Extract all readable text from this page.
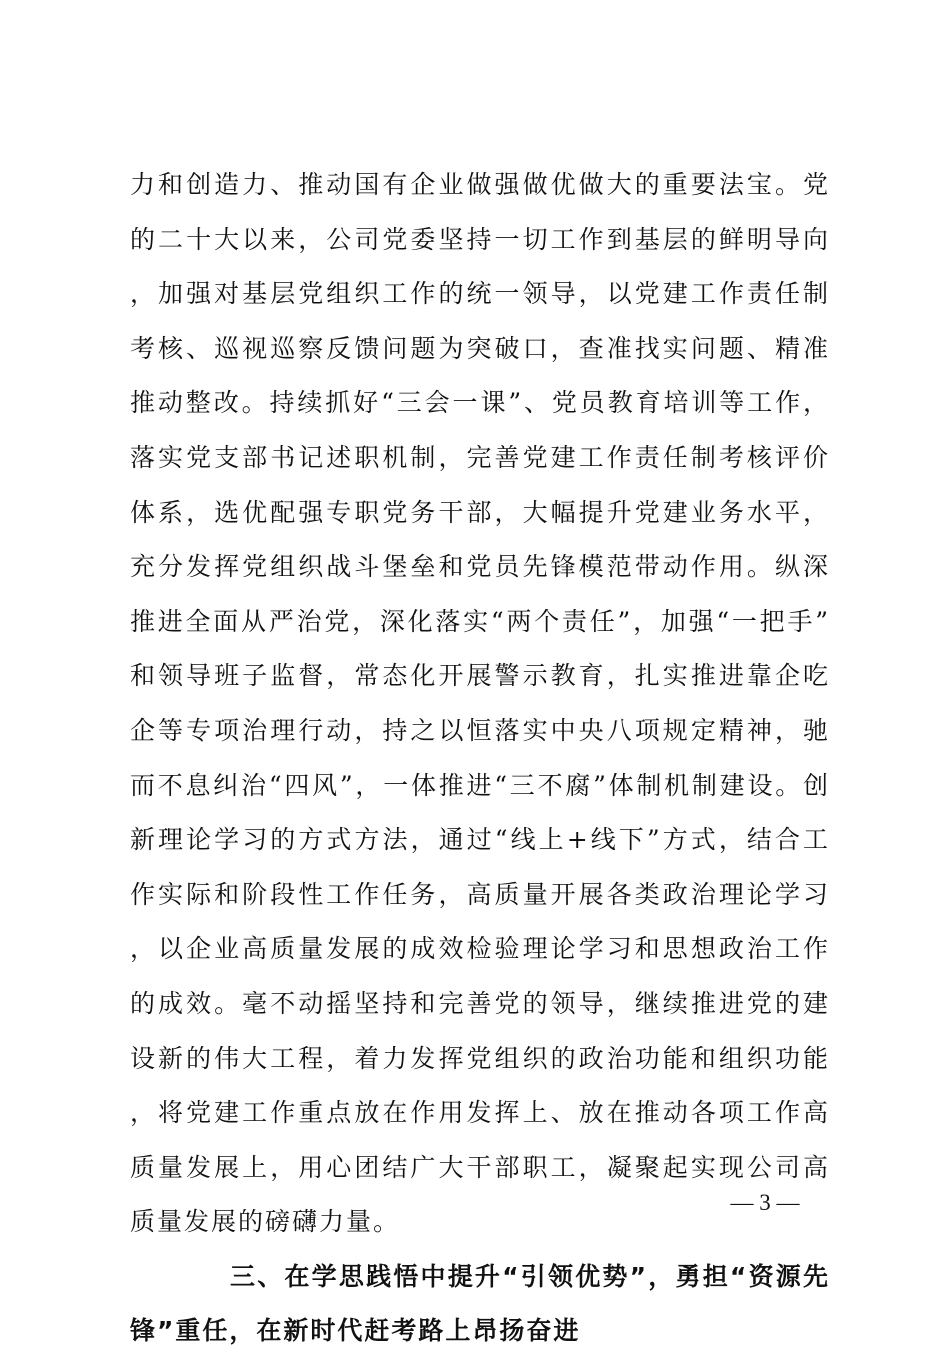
力和创造力、推动国有企业做强做优做大的重要法宝。党的二十大以来，公司党委坚持一切工作到基层的鲜明导向，加强对基层党组织工作的统一领导，以党建工作责任制考核、巡视巡察反馈问题为突破口，查准找实问题、精准推动整改。持续抓好“三会一课”、党员教育培训等工作，落实党支部书记述职机制，完善党建工作责任制考核评价体系，选优配强专职党务干部，大幅提升党建业务水平，充分发挥党组织战斗堡垒和党员先锋模范带动作用。纵深推进全面从严治党，深化落实“两个责任”，加强“一把手”和领导班子监督，常态化开展警示教育，扎实推进靠企吃企等专项治理行动，持之以恒落实中央八项规定精神，驰而不息纠治“四风”，一体推进“三不腐”体制机制建设。创新理论学习的方式方法，通过“线上+线下”方式，结合工作实际和阶段性工作任务，高质量开展各类政治理论学习，以企业高质量发展的成效检验理论学习和思想政治工作的成效。毫不动摇坚持和完善党的领导，继续推进党的建设新的伟大工程，着力发挥党组织的政治功能和组织功能，将党建工作重点放在作用发挥上、放在推动各项工作高质量发展上，用心团结广大干部职工，凝聚起实现公司高质量发展的磅礴力量。

三、在学思践悟中提升“引领优势”，勇担“资源先锋”重任，在新时代赶考路上昂扬奋进

— 3 —
